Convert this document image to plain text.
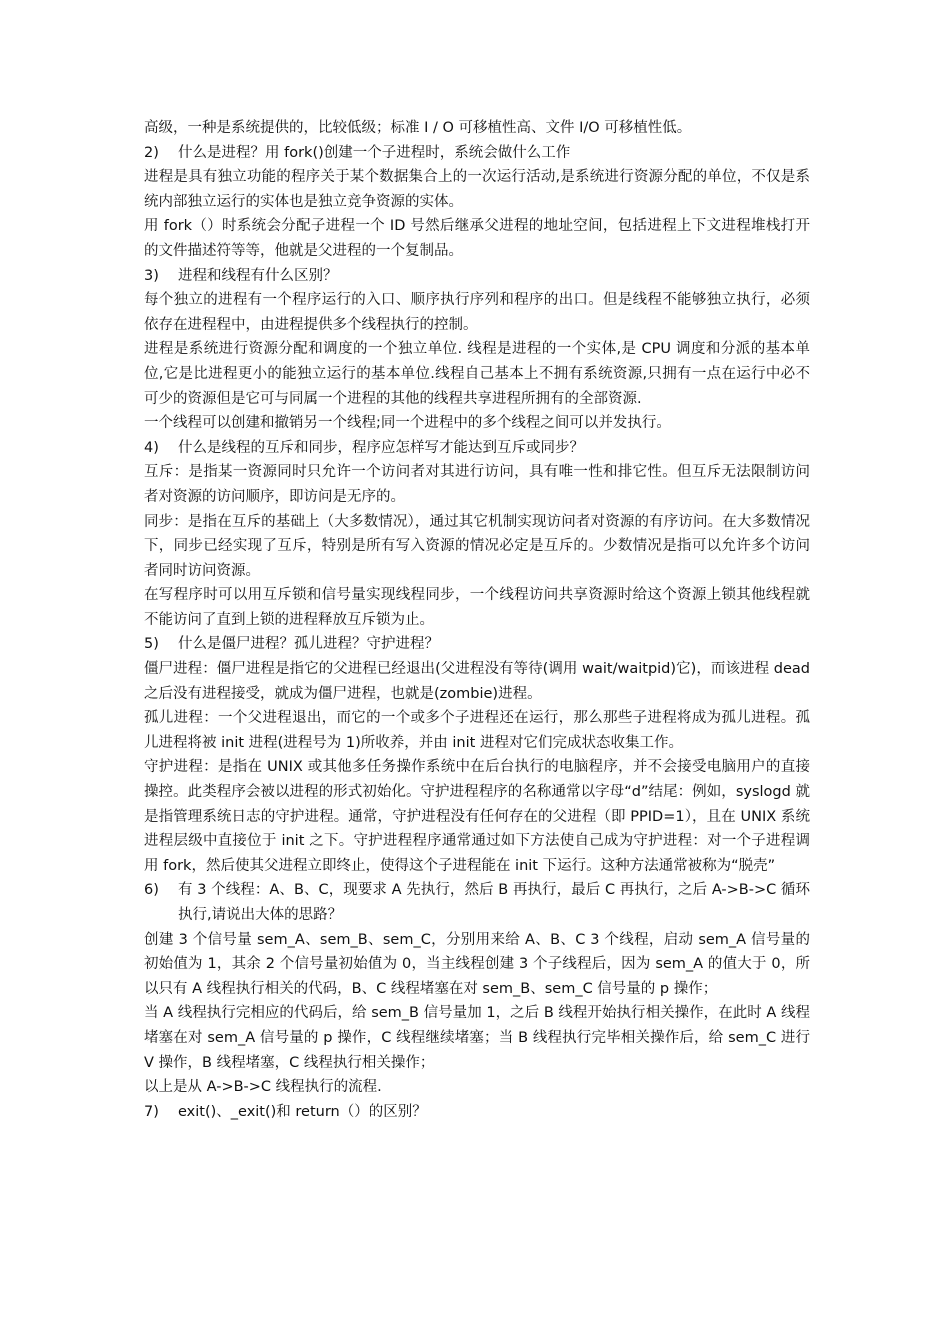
高级，一种是系统提供的，比较低级；标准 I / O 可移植性高、文件 I/O 可移植性低。

2)	什么是进程？用 fork()创建一个子进程时，系统会做什么工作

进程是具有独立功能的程序关于某个数据集合上的一次运行活动,是系统进行资源分配的单位，不仅是系统内部独立运行的实体也是独立竞争资源的实体。

用 fork（）时系统会分配子进程一个 ID 号然后继承父进程的地址空间，包括进程上下文进程堆栈打开的文件描述符等等，他就是父进程的一个复制品。

3)	进程和线程有什么区别？

每个独立的进程有一个程序运行的入口、顺序执行序列和程序的出口。但是线程不能够独立执行，必须依存在进程程中，由进程提供多个线程执行的控制。

进程是系统进行资源分配和调度的一个独立单位. 线程是进程的一个实体,是 CPU 调度和分派的基本单位,它是比进程更小的能独立运行的基本单位.线程自己基本上不拥有系统资源,只拥有一点在运行中必不可少的资源但是它可与同属一个进程的其他的线程共享进程所拥有的全部资源.

一个线程可以创建和撤销另一个线程;同一个进程中的多个线程之间可以并发执行。

4)	什么是线程的互斥和同步，程序应怎样写才能达到互斥或同步？

互斥：是指某一资源同时只允许一个访问者对其进行访问，具有唯一性和排它性。但互斥无法限制访问者对资源的访问顺序，即访问是无序的。

同步：是指在互斥的基础上（大多数情况），通过其它机制实现访问者对资源的有序访问。在大多数情况下，同步已经实现了互斥，特别是所有写入资源的情况必定是互斥的。少数情况是指可以允许多个访问者同时访问资源。

在写程序时可以用互斥锁和信号量实现线程同步，一个线程访问共享资源时给这个资源上锁其他线程就不能访问了直到上锁的进程释放互斥锁为止。

5)	什么是僵尸进程？孤儿进程？守护进程？

僵尸进程：僵尸进程是指它的父进程已经退出(父进程没有等待(调用 wait/waitpid)它)，而该进程 dead 之后没有进程接受，就成为僵尸进程，也就是(zombie)进程。

孤儿进程：一个父进程退出，而它的一个或多个子进程还在运行，那么那些子进程将成为孤儿进程。孤儿进程将被 init 进程(进程号为 1)所收养，并由 init 进程对它们完成状态收集工作。

守护进程：是指在 UNIX 或其他多任务操作系统中在后台执行的电脑程序，并不会接受电脑用户的直接操控。此类程序会被以进程的形式初始化。守护进程程序的名称通常以字母“d”结尾：例如，syslogd 就是指管理系统日志的守护进程。通常，守护进程没有任何存在的父进程（即 PPID=1），且在 UNIX 系统进程层级中直接位于 init 之下。守护进程程序通常通过如下方法使自己成为守护进程：对一个子进程调用 fork，然后使其父进程立即终止，使得这个子进程能在 init 下运行。这种方法通常被称为“脱壳”

6)	有 3 个线程：A、B、C，现要求 A 先执行，然后 B 再执行，最后 C 再执行，之后 A->B->C 循环执行,请说出大体的思路？

创建 3 个信号量 sem_A、sem_B、sem_C，分别用来给 A、B、C 3 个线程，启动 sem_A 信号量的初始值为 1，其余 2 个信号量初始值为 0，当主线程创建 3 个子线程后，因为 sem_A 的值大于 0，所以只有 A 线程执行相关的代码，B、C 线程堵塞在对 sem_B、sem_C 信号量的 p 操作；

当 A 线程执行完相应的代码后，给 sem_B 信号量加 1，之后 B 线程开始执行相关操作，在此时 A 线程堵塞在对 sem_A 信号量的 p 操作，C 线程继续堵塞；当 B 线程执行完毕相关操作后，给 sem_C 进行 V 操作，B 线程堵塞，C 线程执行相关操作；

以上是从 A->B->C 线程执行的流程.

7)	exit()、_exit()和 return（）的区别？
